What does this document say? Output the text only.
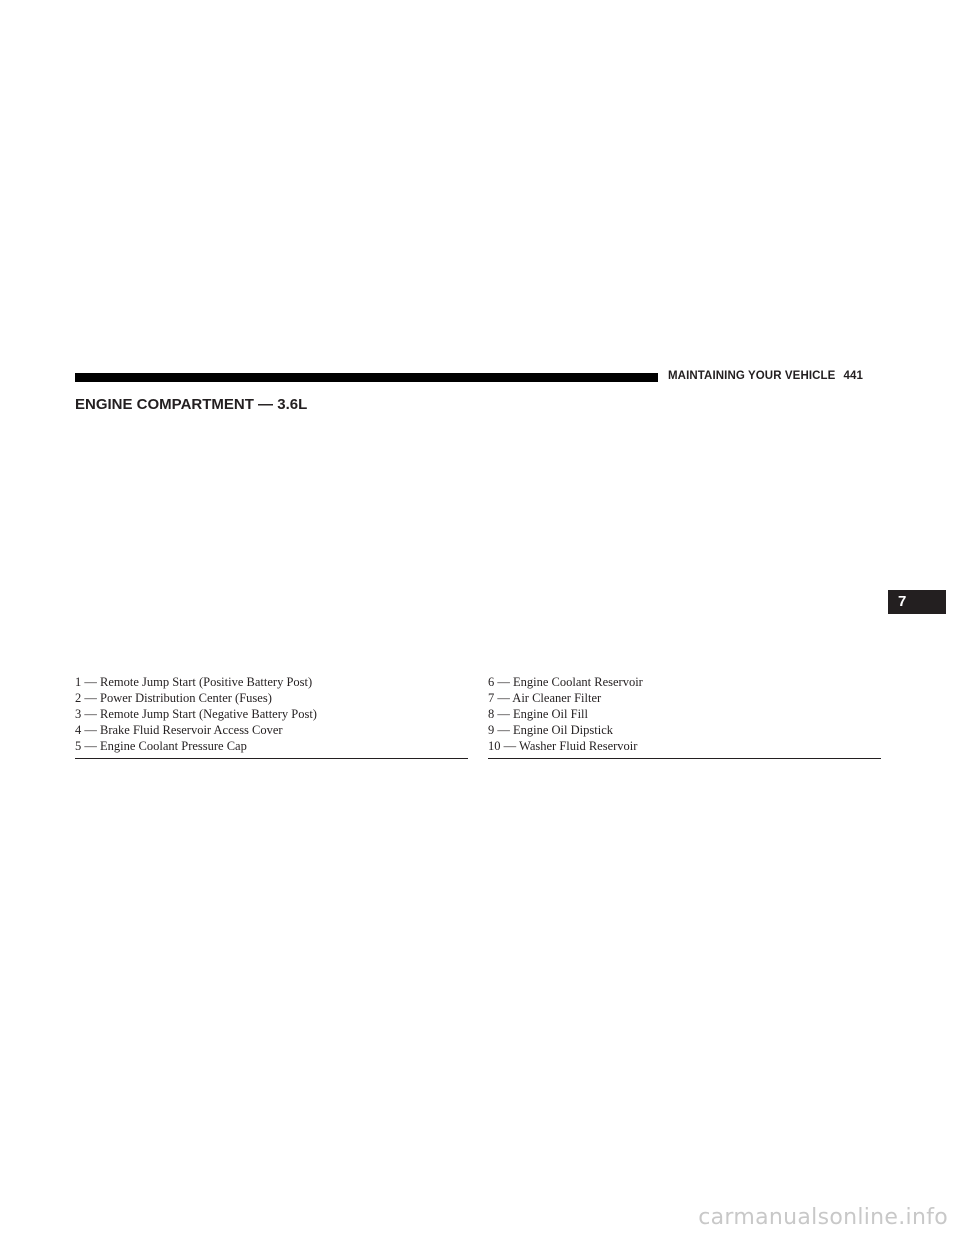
MAINTAINING YOUR VEHICLE 441
ENGINE COMPARTMENT — 3.6L
1 — Remote Jump Start (Positive Battery Post)
2 — Power Distribution Center (Fuses)
3 — Remote Jump Start (Negative Battery Post)
4 — Brake Fluid Reservoir Access Cover
5 — Engine Coolant Pressure Cap
6 — Engine Coolant Reservoir
7 — Air Cleaner Filter
8 — Engine Oil Fill
9 — Engine Oil Dipstick
10 — Washer Fluid Reservoir
7
carmanualsonline.info
